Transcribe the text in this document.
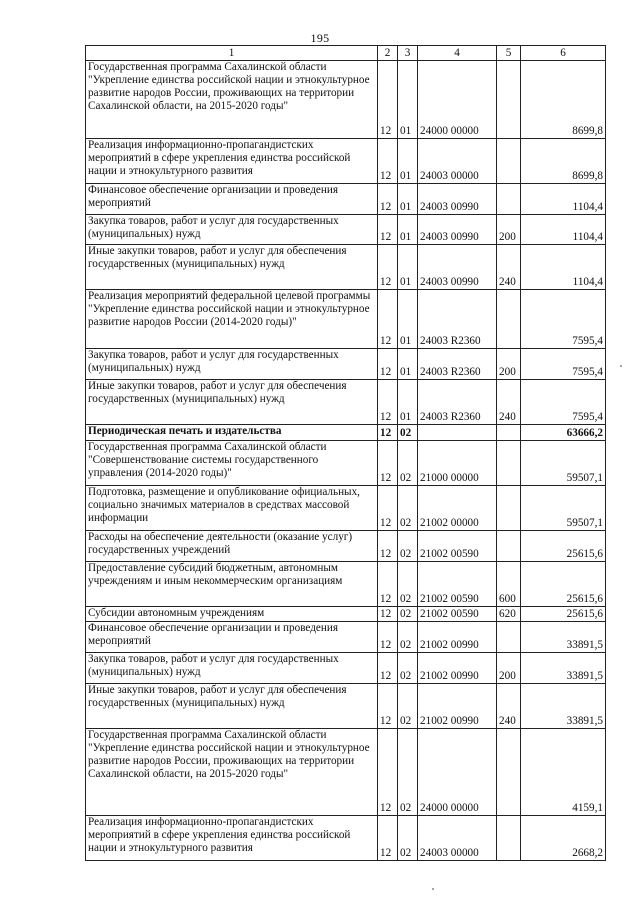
195
1	2	3	4	5	6
Государственная программа Сахалинской области "Укрепление единства российской нации и этнокультурное развитие народов России, проживающих на территории Сахалинской области, на 2015-2020 годы"	12	01	24000 00000		8699,8
Реализация информационно-пропагандистских мероприятий в сфере укрепления единства российской нации и этнокультурного развития	12	01	24003 00000		8699,8
Финансовое обеспечение организации и проведения мероприятий	12	01	24003 00990		1104,4
Закупка товаров, работ и услуг для государственных (муниципальных) нужд	12	01	24003 00990	200	1104,4
Иные закупки товаров, работ и услуг для обеспечения государственных (муниципальных) нужд	12	01	24003 00990	240	1104,4
Реализация мероприятий федеральной целевой программы "Укрепление единства российской нации и этнокультурное развитие народов России (2014-2020 годы)"	12	01	24003 R2360		7595,4
Закупка товаров, работ и услуг для государственных (муниципальных) нужд	12	01	24003 R2360	200	7595,4
Иные закупки товаров, работ и услуг для обеспечения государственных (муниципальных) нужд	12	01	24003 R2360	240	7595,4
Периодическая печать и издательства	12	02			63666,2
Государственная программа Сахалинской области "Совершенствование системы государственного управления (2014-2020 годы)"	12	02	21000 00000		59507,1
Подготовка, размещение и опубликование официальных, социально значимых материалов в средствах массовой информации	12	02	21002 00000		59507,1
Расходы на обеспечение деятельности (оказание услуг) государственных учреждений	12	02	21002 00590		25615,6
Предоставление субсидий бюджетным, автономным учреждениям и иным некоммерческим организациям	12	02	21002 00590	600	25615,6
Субсидии автономным учреждениям	12	02	21002 00590	620	25615,6
Финансовое обеспечение организации и проведения мероприятий	12	02	21002 00990		33891,5
Закупка товаров, работ и услуг для государственных (муниципальных) нужд	12	02	21002 00990	200	33891,5
Иные закупки товаров, работ и услуг для обеспечения государственных (муниципальных) нужд	12	02	21002 00990	240	33891,5
Государственная программа Сахалинской области "Укрепление единства российской нации и этнокультурное развитие народов России, проживающих на территории Сахалинской области, на 2015-2020 годы"	12	02	24000 00000		4159,1
Реализация информационно-пропагандистских мероприятий в сфере укрепления единства российской нации и этнокультурного развития	12	02	24003 00000		2668,2
